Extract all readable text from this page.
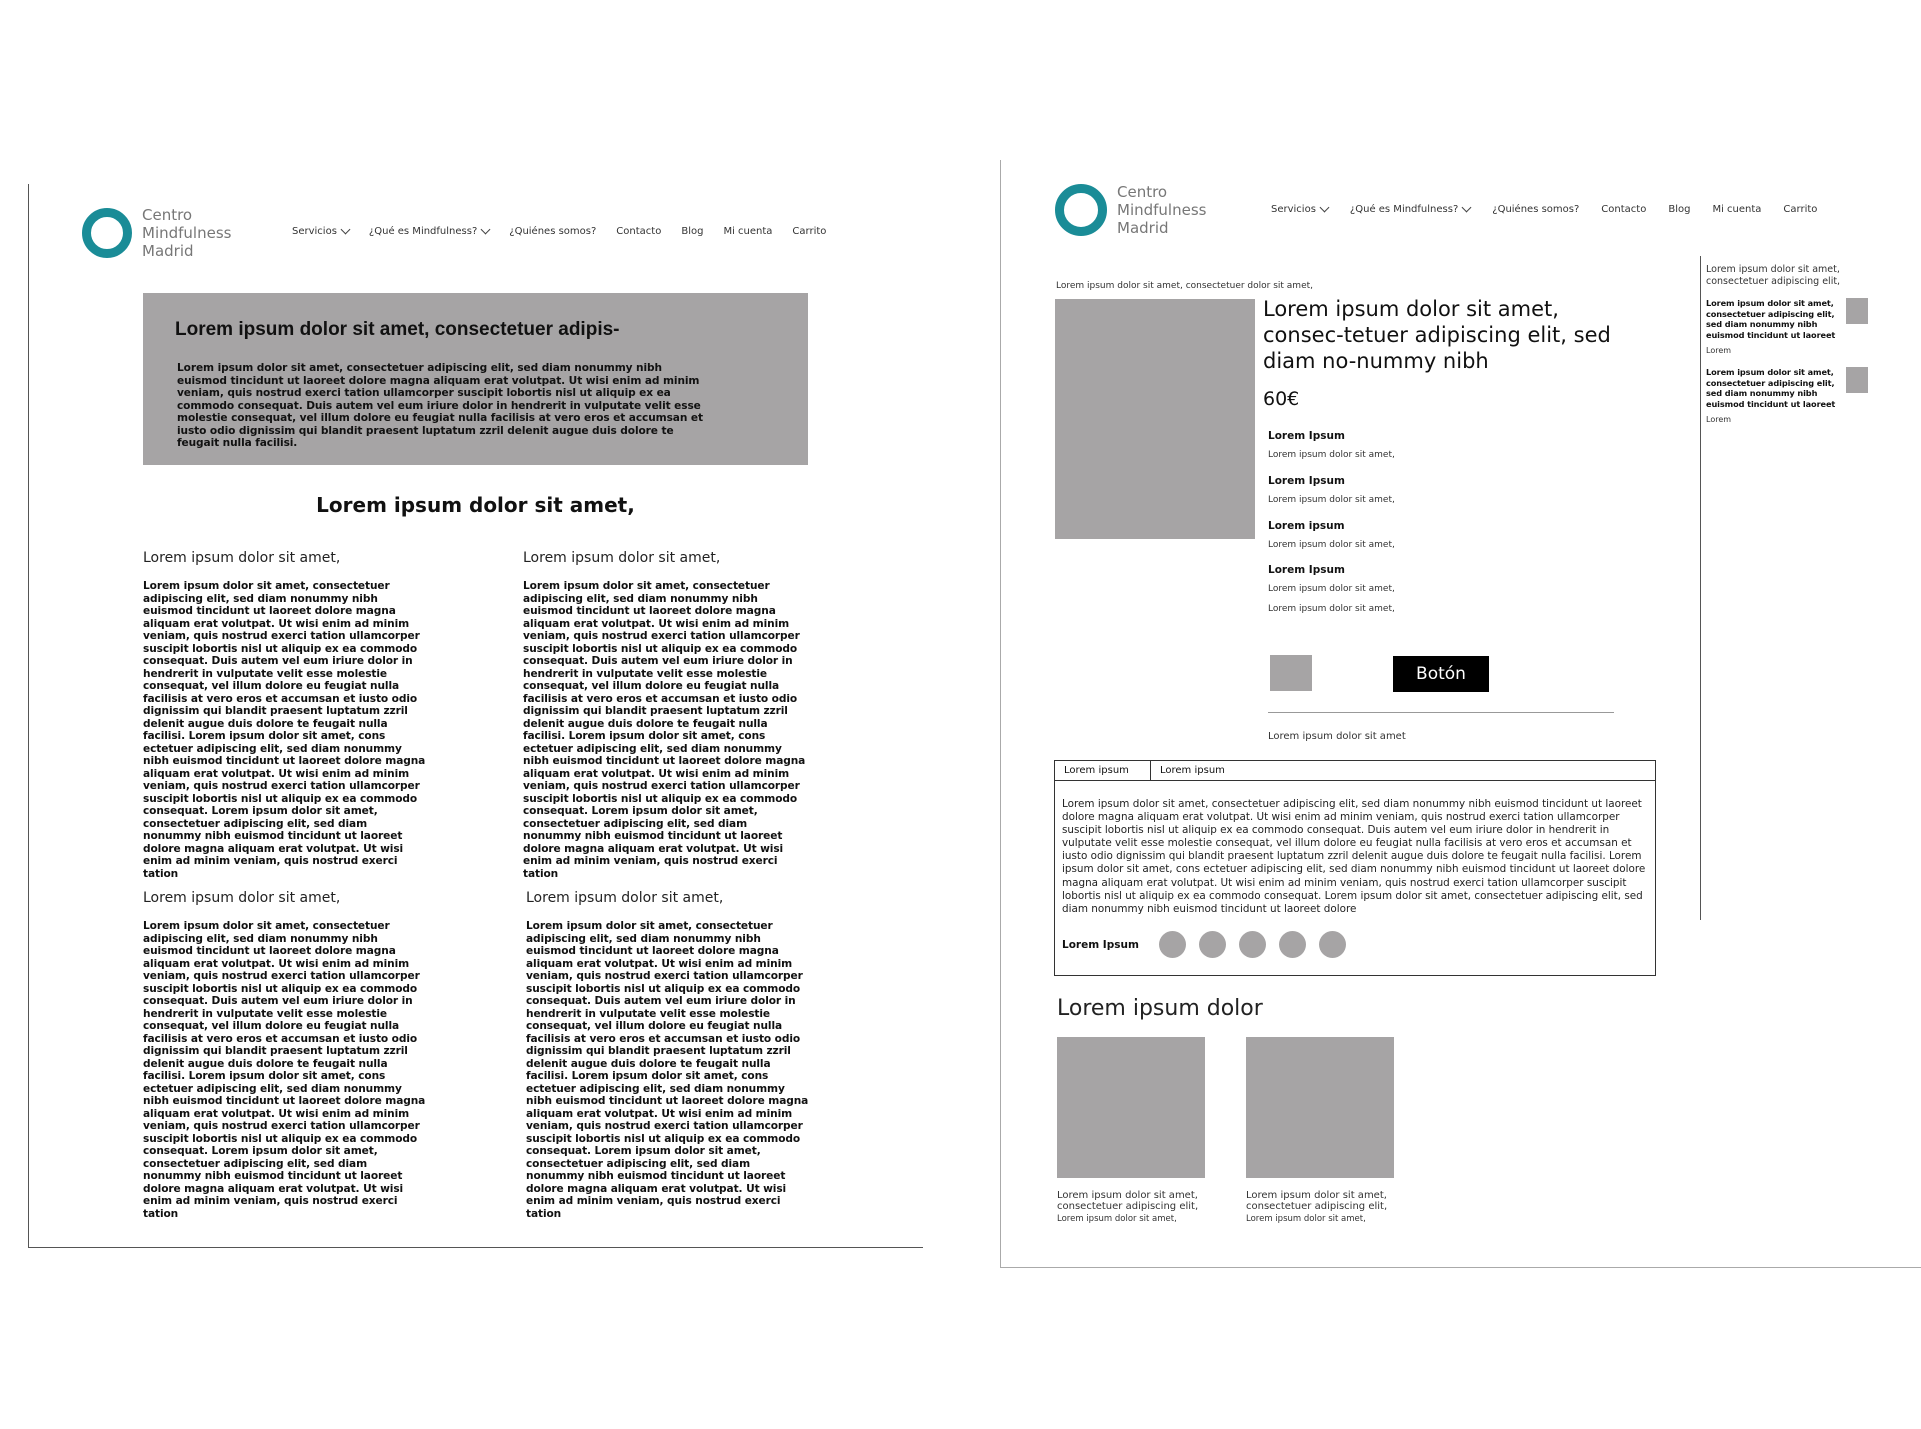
Centro
Mindfulness
Madrid
Servicios	¿Qué es Mindfulness?	¿Quiénes somos? Contacto Blog Mi cuenta Carrito
Lorem ipsum dolor sit amet, consectetuer adipis-
Lorem ipsum dolor sit amet, consectetuer adipiscing elit, sed diam nonummy nibh euismod tincidunt ut laoreet dolore magna aliquam erat volutpat. Ut wisi enim ad minim veniam, quis nostrud exerci tation ullamcorper suscipit lobortis nisl ut aliquip ex ea commodo consequat. Duis autem vel eum iriure dolor in hendrerit in vulputate velit esse molestie consequat, vel illum dolore eu feugiat nulla facilisis at vero eros et accumsan et iusto odio dignissim qui blandit praesent luptatum zzril delenit augue duis dolore te feugait nulla facilisi.
Lorem ipsum dolor sit amet,
Lorem ipsum dolor sit amet,
Lorem ipsum dolor sit amet, consectetuer adipiscing elit, sed diam nonummy nibh euismod tincidunt ut laoreet dolore magna aliquam erat volutpat. Ut wisi enim ad minim veniam, quis nostrud exerci tation ullamcorper suscipit lobortis nisl ut aliquip ex ea commodo consequat. Duis autem vel eum iriure dolor in hendrerit in vulputate velit esse molestie consequat, vel illum dolore eu feugiat nulla facilisis at vero eros et accumsan et iusto odio dignissim qui blandit praesent luptatum zzril delenit augue duis dolore te feugait nulla facilisi. Lorem ipsum dolor sit amet, cons ectetuer adipiscing elit, sed diam nonummy nibh euismod tincidunt ut laoreet dolore magna aliquam erat volutpat. Ut wisi enim ad minim veniam, quis nostrud exerci tation ullamcorper suscipit lobortis nisl ut aliquip ex ea commodo consequat. Lorem ipsum dolor sit amet, consectetuer adipiscing elit, sed diam nonummy nibh euismod tincidunt ut laoreet dolore magna aliquam erat volutpat. Ut wisi enim ad minim veniam, quis nostrud exerci tation
Lorem ipsum dolor sit amet,
Lorem ipsum dolor sit amet, consectetuer adipiscing elit, sed diam nonummy nibh euismod tincidunt ut laoreet dolore magna aliquam erat volutpat. Ut wisi enim ad minim veniam, quis nostrud exerci tation ullamcorper suscipit lobortis nisl ut aliquip ex ea commodo consequat. Duis autem vel eum iriure dolor in hendrerit in vulputate velit esse molestie consequat, vel illum dolore eu feugiat nulla facilisis at vero eros et accumsan et iusto odio dignissim qui blandit praesent luptatum zzril delenit augue duis dolore te feugait nulla facilisi. Lorem ipsum dolor sit amet, cons ectetuer adipiscing elit, sed diam nonummy nibh euismod tincidunt ut laoreet dolore magna aliquam erat volutpat. Ut wisi enim ad minim veniam, quis nostrud exerci tation ullamcorper suscipit lobortis nisl ut aliquip ex ea commodo consequat. Lorem ipsum dolor sit amet, consectetuer adipiscing elit, sed diam nonummy nibh euismod tincidunt ut laoreet dolore magna aliquam erat volutpat. Ut wisi enim ad minim veniam, quis nostrud exerci tation
Lorem ipsum dolor sit amet,
Lorem ipsum dolor sit amet, consectetuer adipiscing elit, sed diam nonummy nibh euismod tincidunt ut laoreet dolore magna aliquam erat volutpat. Ut wisi enim ad minim veniam, quis nostrud exerci tation ullamcorper suscipit lobortis nisl ut aliquip ex ea commodo consequat. Duis autem vel eum iriure dolor in hendrerit in vulputate velit esse molestie consequat, vel illum dolore eu feugiat nulla facilisis at vero eros et accumsan et iusto odio dignissim qui blandit praesent luptatum zzril delenit augue duis dolore te feugait nulla facilisi. Lorem ipsum dolor sit amet, cons ectetuer adipiscing elit, sed diam nonummy nibh euismod tincidunt ut laoreet dolore magna aliquam erat volutpat. Ut wisi enim ad minim veniam, quis nostrud exerci tation ullamcorper suscipit lobortis nisl ut aliquip ex ea commodo consequat. Lorem ipsum dolor sit amet, consectetuer adipiscing elit, sed diam nonummy nibh euismod tincidunt ut laoreet dolore magna aliquam erat volutpat. Ut wisi enim ad minim veniam, quis nostrud exerci tation
Lorem ipsum dolor sit amet,
Lorem ipsum dolor sit amet, consectetuer adipiscing elit, sed diam nonummy nibh euismod tincidunt ut laoreet dolore magna aliquam erat volutpat. Ut wisi enim ad minim veniam, quis nostrud exerci tation ullamcorper suscipit lobortis nisl ut aliquip ex ea commodo consequat. Duis autem vel eum iriure dolor in hendrerit in vulputate velit esse molestie consequat, vel illum dolore eu feugiat nulla facilisis at vero eros et accumsan et iusto odio dignissim qui blandit praesent luptatum zzril delenit augue duis dolore te feugait nulla facilisi. Lorem ipsum dolor sit amet, cons ectetuer adipiscing elit, sed diam nonummy nibh euismod tincidunt ut laoreet dolore magna aliquam erat volutpat. Ut wisi enim ad minim veniam, quis nostrud exerci tation ullamcorper suscipit lobortis nisl ut aliquip ex ea commodo consequat. Lorem ipsum dolor sit amet, consectetuer adipiscing elit, sed diam nonummy nibh euismod tincidunt ut laoreet dolore magna aliquam erat volutpat. Ut wisi enim ad minim veniam, quis nostrud exerci tation
Centro
Mindfulness
Madrid
Servicios	¿Qué es Mindfulness?	¿Quiénes somos? Contacto Blog Mi cuenta Carrito
Lorem ipsum dolor sit amet, consectetuer dolor sit amet,
Lorem ipsum dolor sit amet, consec-tetuer adipiscing elit, sed diam no-nummy nibh
60€
Lorem Ipsum
Lorem ipsum dolor sit amet,
Lorem Ipsum
Lorem ipsum dolor sit amet,
Lorem ipsum
Lorem ipsum dolor sit amet,
Lorem Ipsum
Lorem ipsum dolor sit amet,
Lorem ipsum dolor sit amet,
Botón
Lorem ipsum dolor sit amet
Lorem ipsum	Lorem ipsum
Lorem ipsum dolor sit amet, consectetuer adipiscing elit, sed diam nonummy nibh euismod tincidunt ut laoreet dolore magna aliquam erat volutpat. Ut wisi enim ad minim veniam, quis nostrud exerci tation ullamcorper suscipit lobortis nisl ut aliquip ex ea commodo consequat. Duis autem vel eum iriure dolor in hendrerit in vulputate velit esse molestie consequat, vel illum dolore eu feugiat nulla facilisis at vero eros et accumsan et iusto odio dignissim qui blandit praesent luptatum zzril delenit augue duis dolore te feugait nulla facilisi. Lorem ipsum dolor sit amet, cons ectetuer adipiscing elit, sed diam nonummy nibh euismod tincidunt ut laoreet dolore magna aliquam erat volutpat. Ut wisi enim ad minim veniam, quis nostrud exerci tation ullamcorper suscipit lobortis nisl ut aliquip ex ea commodo consequat. Lorem ipsum dolor sit amet, consectetuer adipiscing elit, sed diam nonummy nibh euismod tincidunt ut laoreet dolore
Lorem Ipsum
Lorem ipsum dolor
Lorem ipsum dolor sit amet,
consectetuer adipiscing elit,
Lorem ipsum dolor sit amet,
Lorem ipsum dolor sit amet,
consectetuer adipiscing elit,
Lorem ipsum dolor sit amet,
Lorem ipsum dolor sit amet, consectetuer adipiscing elit,
Lorem ipsum dolor sit amet, consectetuer adipiscing elit, sed diam nonummy nibh euismod tincidunt ut laoreet
Lorem
Lorem ipsum dolor sit amet, consectetuer adipiscing elit, sed diam nonummy nibh euismod tincidunt ut laoreet
Lorem
